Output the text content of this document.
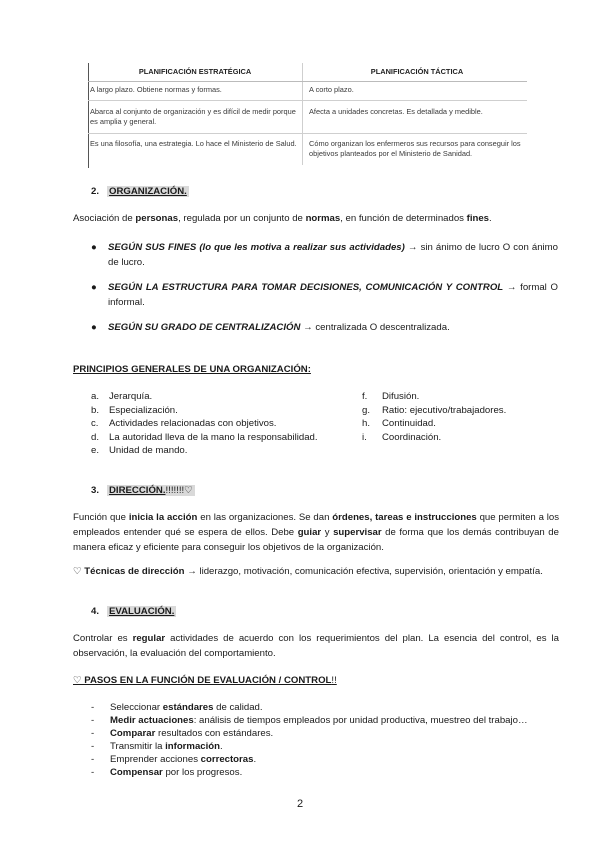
PLANIFICACIÓN ESTRATÉGICA	PLANIFICACIÓN TÁCTICA
A largo plazo. Obtiene normas y formas.	A corto plazo.
Abarca al conjunto de organización y es difícil de medir porque es amplia y general.	Afecta a unidades concretas. Es detallada y medible.
Es una filosofía, una estrategia. Lo hace el Ministerio de Salud.	Cómo organizan los enfermeros sus recursos para conseguir los objetivos planteados por el Ministerio de Sanidad.
2. ORGANIZACIÓN.
Asociación de personas, regulada por un conjunto de normas, en función de determinados fines.
● SEGÚN SUS FINES (lo que les motiva a realizar sus actividades) → sin ánimo de lucro O con ánimo de lucro.
● SEGÚN LA ESTRUCTURA PARA TOMAR DECISIONES, COMUNICACIÓN Y CONTROL → formal O informal.
● SEGÚN SU GRADO DE CENTRALIZACIÓN → centralizada O descentralizada.
PRINCIPIOS GENERALES DE UNA ORGANIZACIÓN:
a. Jerarquía.
b. Especialización.
c. Actividades relacionadas con objetivos.
d. La autoridad lleva de la mano la responsabilidad.
e. Unidad de mando.
f. Difusión.
g. Ratio: ejecutivo/trabajadores.
h. Continuidad.
i. Coordinación.
3. DIRECCIÓN.!!!!!!!♡
Función que inicia la acción en las organizaciones. Se dan órdenes, tareas e instrucciones que permiten a los empleados entender qué se espera de ellos. Debe guiar y supervisar de forma que los demás contribuyan de manera eficaz y eficiente para conseguir los objetivos de la organización.
♡ Técnicas de dirección → liderazgo, motivación, comunicación efectiva, supervisión, orientación y empatía.
4. EVALUACIÓN.
Controlar es regular actividades de acuerdo con los requerimientos del plan. La esencia del control, es la observación, la evaluación del comportamiento.
♡ PASOS EN LA FUNCIÓN DE EVALUACIÓN / CONTROL!!
- Seleccionar estándares de calidad.
- Medir actuaciones: análisis de tiempos empleados por unidad productiva, muestreo del trabajo…
- Comparar resultados con estándares.
- Transmitir la información.
- Emprender acciones correctoras.
- Compensar por los progresos.
2
